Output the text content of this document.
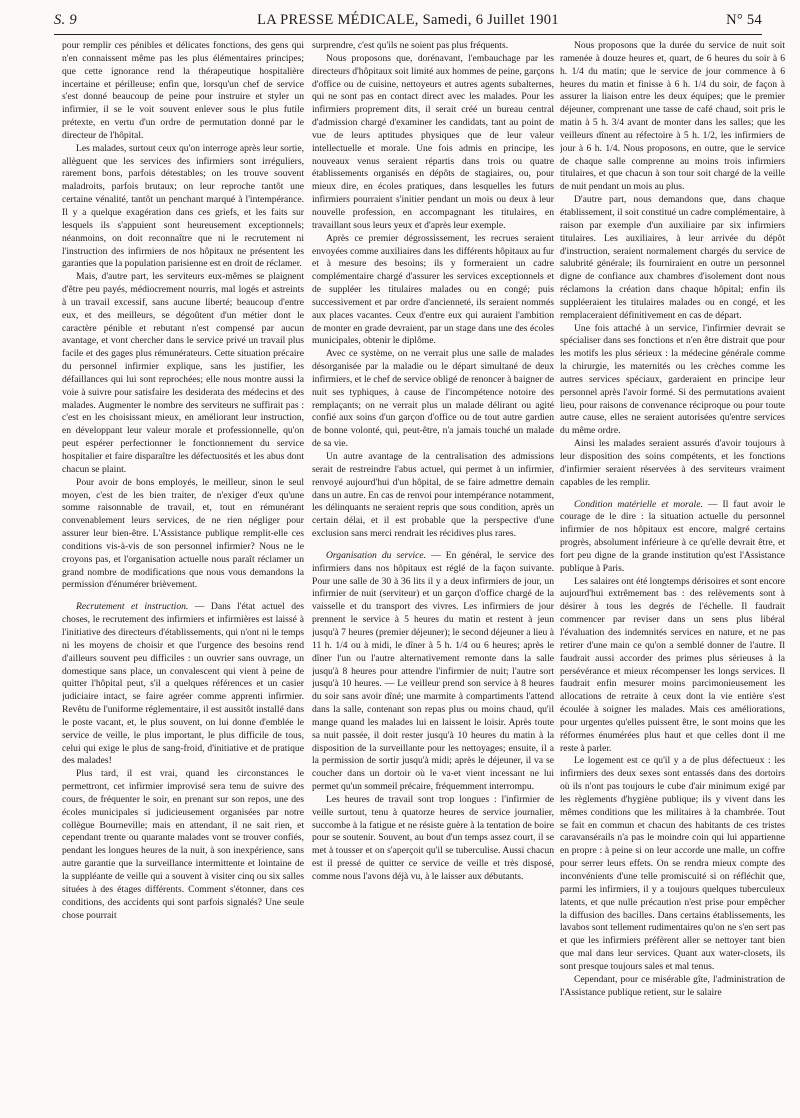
S. 9	LA PRESSE MÉDICALE, Samedi, 6 Juillet 1901	N° 54

pour remplir ces pénibles et délicates fonctions, des gens qui n'en connaissent même pas les plus élémentaires principes; que cette ignorance rend la thérapeutique hospitalière incertaine et périlleuse; enfin que, lorsqu'un chef de service s'est donné beaucoup de peine pour instruire et styler un infirmier, il se le voit souvent enlever sous le plus futile prétexte, en vertu d'un ordre de permutation donné par le directeur de l'hôpital.

Les malades, surtout ceux qu'on interroge après leur sortie, allèguent que les services des infirmiers sont irréguliers, rarement bons, parfois détestables; on les trouve souvent maladroits, parfois brutaux; on leur reproche tantôt une certaine vénalité, tantôt un penchant marqué à l'intempérance. Il y a quelque exagération dans ces griefs, et les faits sur lesquels ils s'appuient sont heureusement exceptionnels; néanmoins, on doit reconnaître que ni le recrutement ni l'instruction des infirmiers de nos hôpitaux ne présentent les garanties que la population parisienne est en droit de réclamer.

Mais, d'autre part, les serviteurs eux-mêmes se plaignent d'être peu payés, médiocrement nourris, mal logés et astreints à un travail excessif, sans aucune liberté; beaucoup d'entre eux, et des meilleurs, se dégoûtent d'un métier dont le caractère pénible et rebutant n'est compensé par aucun avantage, et vont chercher dans le service privé un travail plus facile et des gages plus rémunérateurs. Cette situation précaire du personnel infirmier explique, sans les justifier, les défaillances qui lui sont reprochées; elle nous montre aussi la voie à suivre pour satisfaire les desiderata des médecins et des malades. Augmenter le nombre des serviteurs ne suffirait pas : c'est en les choisissant mieux, en améliorant leur instruction, en développant leur valeur morale et professionnelle, qu'on peut espérer perfectionner le fonctionnement du service hospitalier et faire disparaître les défectuosités et les abus dont chacun se plaint.

Pour avoir de bons employés, le meilleur, sinon le seul moyen, c'est de les bien traiter, de n'exiger d'eux qu'une somme raisonnable de travail, et, tout en rémunérant convenablement leurs services, de ne rien négliger pour assurer leur bien-être. L'Assistance publique remplit-elle ces conditions vis-à-vis de son personnel infirmier? Nous ne le croyons pas, et l'organisation actuelle nous paraît réclamer un grand nombre de modifications que nous vous demandons la permission d'énumérer brièvement.

Recrutement et instruction. — Dans l'état actuel des choses, le recrutement des infirmiers et infirmières est laissé à l'initiative des directeurs d'établissements, qui n'ont ni le temps ni les moyens de choisir et que l'urgence des besoins rend d'ailleurs souvent peu difficiles : un ouvrier sans ouvrage, un domestique sans place, un convalescent qui vient à peine de quitter l'hôpital peut, s'il a quelques références et un casier judiciaire intact, se faire agréer comme apprenti infirmier. Revêtu de l'uniforme réglementaire, il est aussitôt installé dans le poste vacant, et, le plus souvent, on lui donne d'emblée le service de veille, le plus important, le plus difficile de tous, celui qui exige le plus de sang-froid, d'initiative et de pratique des malades!

Plus tard, il est vrai, quand les circonstances le permettront, cet infirmier improvisé sera tenu de suivre des cours, de fréquenter le soir, en prenant sur son repos, une des écoles municipales si judicieusement organisées par notre collègue Bourneville; mais en attendant, il ne sait rien, et cependant trente ou quarante malades vont se trouver confiés, pendant les longues heures de la nuit, à son inexpérience, sans autre garantie que la surveillance intermittente et lointaine de la suppléante de veille qui a souvent à visiter cinq ou six salles situées à des étages différents. Comment s'étonner, dans ces conditions, des accidents qui sont parfois signalés? Une seule chose pourrait

surprendre, c'est qu'ils ne soient pas plus fréquents.

Nous proposons que, dorénavant, l'embauchage par les directeurs d'hôpitaux soit limité aux hommes de peine, garçons d'office ou de cuisine, nettoyeurs et autres agents subalternes, qui ne sont pas en contact direct avec les malades. Pour les infirmiers proprement dits, il serait créé un bureau central d'admission chargé d'examiner les candidats, tant au point de vue de leurs aptitudes physiques que de leur valeur intellectuelle et morale. Une fois admis en principe, les nouveaux venus seraient répartis dans trois ou quatre établissements organisés en dépôts de stagiaires, ou, pour mieux dire, en écoles pratiques, dans lesquelles les futurs infirmiers pourraient s'initier pendant un mois ou deux à leur nouvelle profession, en accompagnant les titulaires, en travaillant sous leurs yeux et d'après leur exemple.

Après ce premier dégrossissement, les recrues seraient envoyées comme auxiliaires dans les différents hôpitaux au fur et à mesure des besoins; ils y formeraient un cadre complémentaire chargé d'assurer les services exceptionnels et de suppléer les titulaires malades ou en congé; puis successivement et par ordre d'ancienneté, ils seraient nommés aux places vacantes. Ceux d'entre eux qui auraient l'ambition de monter en grade devraient, par un stage dans une des écoles municipales, obtenir le diplôme.

Avec ce système, on ne verrait plus une salle de malades désorganisée par la maladie ou le départ simultané de deux infirmiers, et le chef de service obligé de renoncer à baigner de nuit ses typhiques, à cause de l'incompétence notoire des remplaçants; on ne verrait plus un malade délirant ou agité confié aux soins d'un garçon d'office ou de tout autre gardien de bonne volonté, qui, peut-être, n'a jamais touché un malade de sa vie.

Un autre avantage de la centralisation des admissions serait de restreindre l'abus actuel, qui permet à un infirmier, renvoyé aujourd'hui d'un hôpital, de se faire admettre demain dans un autre. En cas de renvoi pour intempérance notamment, les délinquants ne seraient repris que sous condition, après un certain délai, et il est probable que la perspective d'une exclusion sans merci rendrait les récidives plus rares.

Organisation du service. — En général, le service des infirmiers dans nos hôpitaux est réglé de la façon suivante. Pour une salle de 30 à 36 lits il y a deux infirmiers de jour, un infirmier de nuit (serviteur) et un garçon d'office chargé de la vaisselle et du transport des vivres. Les infirmiers de jour prennent le service à 5 heures du matin et restent à jeun jusqu'à 7 heures (premier déjeuner); le second déjeuner a lieu à 11 h. 1/4 ou à midi, le dîner à 5 h. 1/4 ou 6 heures; après le dîner l'un ou l'autre alternativement remonte dans la salle jusqu'à 8 heures pour attendre l'infirmier de nuit; l'autre sort jusqu'à 10 heures. — Le veilleur prend son service à 8 heures du soir sans avoir dîné; une marmite à compartiments l'attend dans la salle, contenant son repas plus ou moins chaud, qu'il mange quand les malades lui en laissent le loisir. Après toute sa nuit passée, il doit rester jusqu'à 10 heures du matin à la disposition de la surveillante pour les nettoyages; ensuite, il a la permission de sortir jusqu'à midi; après le déjeuner, il va se coucher dans un dortoir où le va-et vient incessant ne lui permet qu'un sommeil précaire, fréquemment interrompu.

Les heures de travail sont trop longues : l'infirmier de veille surtout, tenu à quatorze heures de service journalier, succombe à la fatigue et ne résiste guère à la tentation de boire pour se soutenir. Souvent, au bout d'un temps assez court, il se met à tousser et on s'aperçoit qu'il se tuberculise. Aussi chacun est il pressé de quitter ce service de veille et très disposé, comme nous l'avons déjà vu, à le laisser aux débutants.

Nous proposons que la durée du service de nuit soit ramenée à douze heures et, quart, de 6 heures du soir à 6 h. 1/4 du matin; que le service de jour commence à 6 heures du matin et finisse à 6 h. 1/4 du soir, de façon à assurer la liaison entre les deux équipes; que le premier déjeuner, comprenant une tasse de café chaud, soit pris le matin à 5 h. 3/4 avant de monter dans les salles; que les veilleurs dînent au réfectoire à 5 h. 1/2, les infirmiers de jour à 6 h. 1/4. Nous proposons, en outre, que le service de chaque salle comprenne au moins trois infirmiers titulaires, et que chacun à son tour soit chargé de la veille de nuit pendant un mois au plus.

D'autre part, nous demandons que, dans chaque établissement, il soit constitué un cadre complémentaire, à raison par exemple d'un auxiliaire par six infirmiers titulaires. Les auxiliaires, à leur arrivée du dépôt d'instruction, seraient normalement chargés du service de salubrité générale; ils fourniraient en outre un personnel digne de confiance aux chambres d'isolement dont nous réclamons la création dans chaque hôpital; enfin ils suppléeraient les titulaires malades ou en congé, et les remplaceraient définitivement en cas de départ.

Une fois attaché à un service, l'infirmier devrait se spécialiser dans ses fonctions et n'en être distrait que pour les motifs les plus sérieux : la médecine générale comme la chirurgie, les maternités ou les crèches comme les autres services spéciaux, garderaient en principe leur personnel après l'avoir formé. Si des permutations avaient lieu, pour raisons de convenance réciproque ou pour toute autre cause, elles ne seraient autorisées qu'entre services du même ordre.

Ainsi les malades seraient assurés d'avoir toujours à leur disposition des soins compétents, et les fonctions d'infirmier seraient réservées à des serviteurs vraiment capables de les remplir.

Condition matérielle et morale. — Il faut avoir le courage de le dire : la situation actuelle du personnel infirmier de nos hôpitaux est encore, malgré certains progrès, absolument inférieure à ce qu'elle devrait être, et fort peu digne de la grande institution qu'est l'Assistance publique à Paris.

Les salaires ont été longtemps dérisoires et sont encore aujourd'hui extrêmement bas : des relèvements sont à désirer à tous les degrés de l'échelle. Il faudrait commencer par reviser dans un sens plus libéral l'évaluation des indemnités services en nature, et ne pas retirer d'une main ce qu'on a semblé donner de l'autre. Il faudrait aussi accorder des primes plus sérieuses à la persévérance et mieux récompenser les longs services. Il faudrait enfin mesurer moins parcimonieusement les allocations de retraite à ceux dont la vie entière s'est écoulée à soigner les malades. Mais ces améliorations, pour urgentes qu'elles puissent être, le sont moins que les réformes énumérées plus haut et que celles dont il me reste à parler.

Le logement est ce qu'il y a de plus défectueux : les infirmiers des deux sexes sont entassés dans des dortoirs où ils n'ont pas toujours le cube d'air minimum exigé par les règlements d'hygiène publique; ils y vivent dans les mêmes conditions que les militaires à la chambrée. Tout se fait en commun et chacun des habitants de ces tristes caravansérails n'a pas le moindre coin qui lui appartienne en propre : à peine si on leur accorde une malle, un coffre pour serrer leurs effets. On se rendra mieux compte des inconvénients d'une telle promiscuité si on réfléchit que, parmi les infirmiers, il y a toujours quelques tuberculeux latents, et que nulle précaution n'est prise pour empêcher la diffusion des bacilles. Dans certains établissements, les lavabos sont tellement rudimentaires qu'on ne s'en sert pas et que les infirmiers préfèrent aller se nettoyer tant bien que mal dans leur services. Quant aux water-closets, ils sont presque toujours sales et mal tenus.

Cependant, pour ce misérable gîte, l'administration de l'Assistance publique retient, sur le salaire
